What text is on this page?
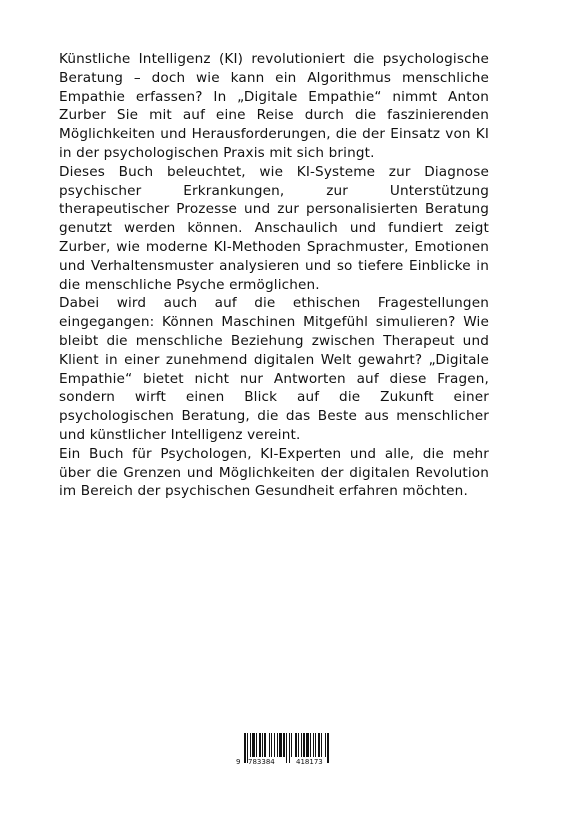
Künstliche Intelligenz (KI) revolutioniert die psychologische Beratung – doch wie kann ein Algorithmus menschliche Empathie erfassen? In „Digitale Empathie“ nimmt Anton Zurber Sie mit auf eine Reise durch die faszinierenden Möglichkeiten und Herausforderungen, die der Einsatz von KI in der psychologischen Praxis mit sich bringt.

Dieses Buch beleuchtet, wie KI-Systeme zur Diagnose psychischer Erkrankungen, zur Unterstützung therapeutischer Prozesse und zur personalisierten Beratung genutzt werden können. Anschaulich und fundiert zeigt Zurber, wie moderne KI-Methoden Sprachmuster, Emotionen und Verhaltensmuster analysieren und so tiefere Einblicke in die menschliche Psyche ermöglichen.

Dabei wird auch auf die ethischen Fragestellungen eingegangen: Können Maschinen Mitgefühl simulieren? Wie bleibt die menschliche Beziehung zwischen Therapeut und Klient in einer zunehmend digitalen Welt gewahrt? „Digitale Empathie“ bietet nicht nur Antworten auf diese Fragen, sondern wirft einen Blick auf die Zukunft einer psychologischen Beratung, die das Beste aus menschlicher und künstlicher Intelligenz vereint.

Ein Buch für Psychologen, KI-Experten und alle, die mehr über die Grenzen und Möglichkeiten der digitalen Revolution im Bereich der psychischen Gesundheit erfahren möchten.

9 783384	418173
